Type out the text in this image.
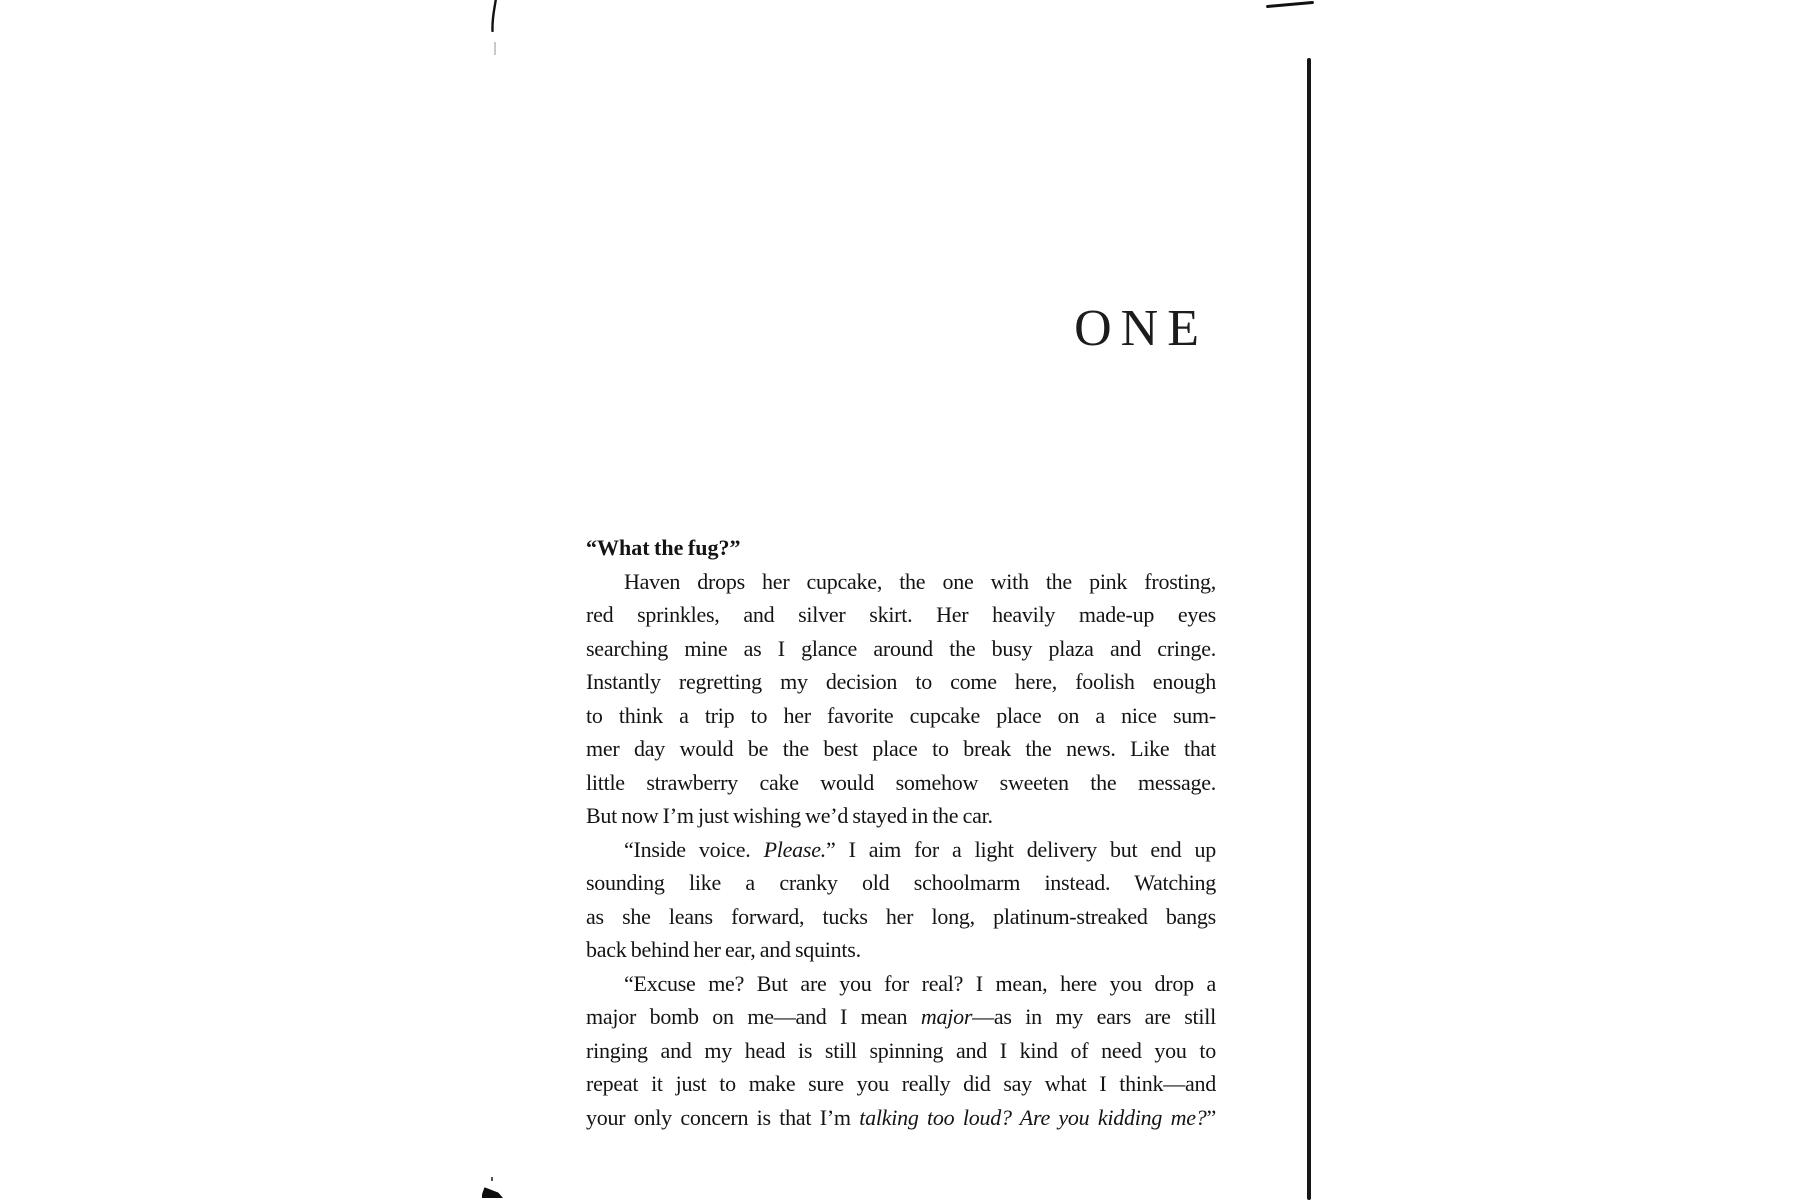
ONE
“What the fug?”
Haven drops her cupcake, the one with the pink frosting,
red sprinkles, and silver skirt. Her heavily made-up eyes
searching mine as I glance around the busy plaza and cringe.
Instantly regretting my decision to come here, foolish enough
to think a trip to her favorite cupcake place on a nice sum-
mer day would be the best place to break the news. Like that
little strawberry cake would somehow sweeten the message.
But now I’m just wishing we’d stayed in the car.
“Inside voice. Please.” I aim for a light delivery but end up
sounding like a cranky old schoolmarm instead. Watching
as she leans forward, tucks her long, platinum-streaked bangs
back behind her ear, and squints.
“Excuse me? But are you for real? I mean, here you drop a
major bomb on me—and I mean major—as in my ears are still
ringing and my head is still spinning and I kind of need you to
repeat it just to make sure you really did say what I think—and
your only concern is that I’m talking too loud? Are you kidding me?”
